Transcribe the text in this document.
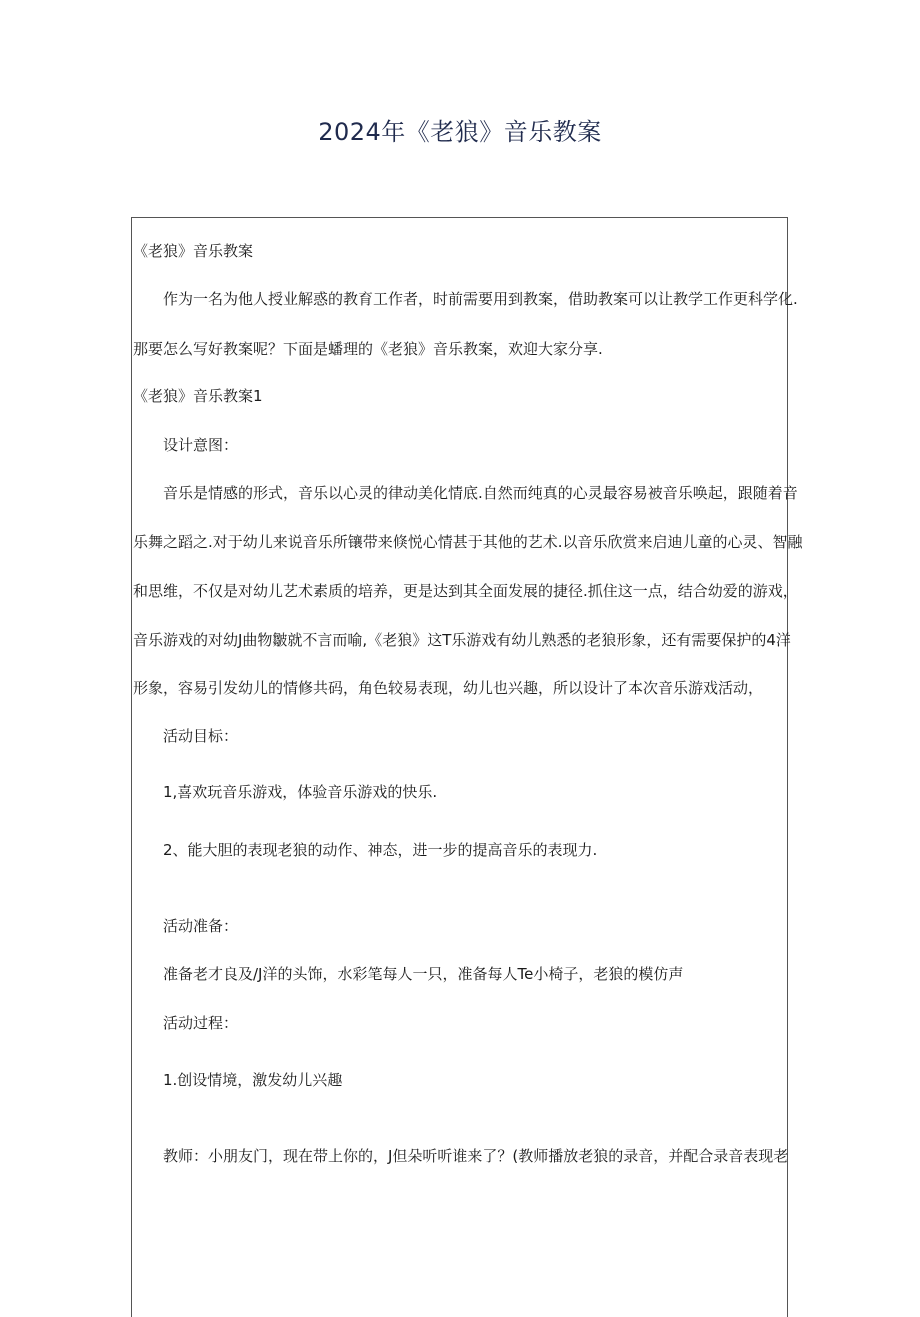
2024年《老狼》音乐教案
《老狼》音乐教案
作为一名为他人授业解惑的教育工作者，时前需要用到教案，借助教案可以让教学工作更科学化.
那要怎么写好教案呢？下面是蟠理的《老狼》音乐教案，欢迎大家分享.
《老狼》音乐教案1
设计意图：
音乐是情感的形式，音乐以心灵的律动美化情底.自然而纯真的心灵最容易被音乐唤起，跟随着音
乐舞之蹈之.对于幼儿来说音乐所镶带来倏悦心情甚于其他的艺术.以音乐欣赏来启迪儿童的心灵、智融
和思维，不仅是对幼儿艺术素质的培养，更是达到其全面发展的捷径.抓住这一点，结合幼爱的游戏，
音乐游戏的对幼J曲物皺就不言而喻,《老狼》这T乐游戏有幼儿熟悉的老狼形象，还有需要保护的4洋
形象，容易引发幼儿的情修共码，角色较易表现，幼儿也兴趣，所以设计了本次音乐游戏活动，
活动目标：
1,喜欢玩音乐游戏，体验音乐游戏的快乐.
2、能大胆的表现老狼的动作、神态，进一步的提高音乐的表现力.
活动准备：
准备老才良及/J洋的头饰，水彩笔每人一只，准备每人Te小椅子，老狼的模仿声
活动过程：
1.创设情境，激发幼儿兴趣
教师：小朋友门，现在带上你的，J但朵听听谁来了？(教师播放老狼的录音，并配合录音表现老
